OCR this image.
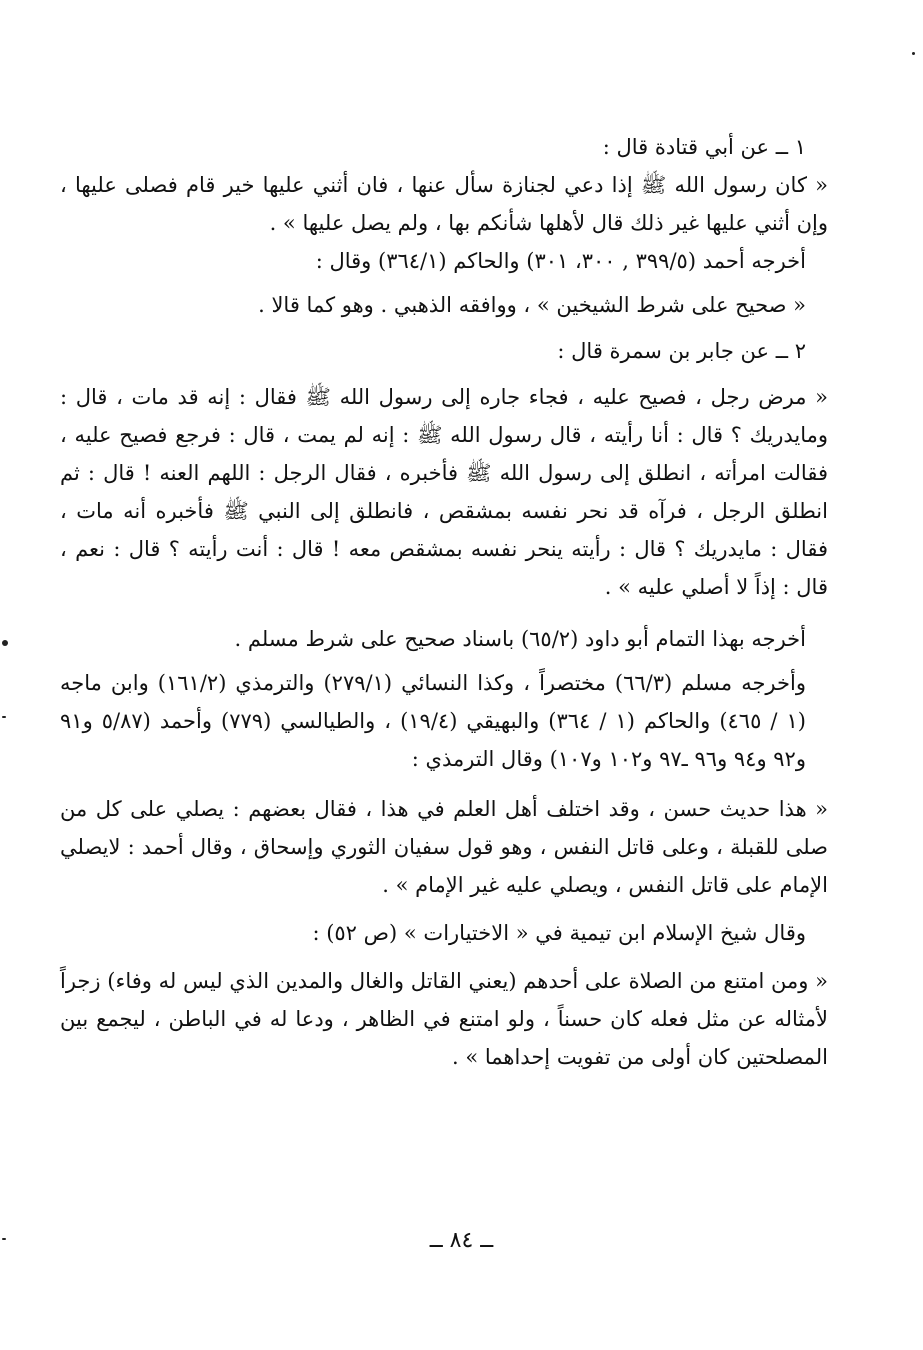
١ ــ عن أبي قتادة قال :

« كان رسول الله ﷺ إذا دعي لجنازة سأل عنها ، فان أثني عليها خير قام فصلى عليها ، وإن أثني عليها غير ذلك قال لأهلها شأنكم بها ، ولم يصل عليها » .

أخرجه أحمد (٣٩٩/٥ , ٣٠٠، ٣٠١) والحاكم (٣٦٤/١) وقال :

« صحيح على شرط الشيخين » ، ووافقه الذهبي . وهو كما قالا .

٢ ــ عن جابر بن سمرة قال :

« مرض رجل ، فصيح عليه ، فجاء جاره إلى رسول الله ﷺ فقال : إنه قد مات ، قال : ومايدريك ؟ قال : أنا رأيته ، قال رسول الله ﷺ : إنه لم يمت ، قال : فرجع فصيح عليه ، فقالت امرأته ، انطلق إلى رسول الله ﷺ فأخبره ، فقال الرجل : اللهم العنه ! قال : ثم انطلق الرجل ، فرآه قد نحر نفسه بمشقص ، فانطلق إلى النبي ﷺ فأخبره أنه مات ، فقال : مايدريك ؟ قال : رأيته ينحر نفسه بمشقص معه ! قال : أنت رأيته ؟ قال : نعم ، قال : إذاً لا أصلي عليه » .

أخرجه بهذا التمام أبو داود (٦٥/٢) باسناد صحيح على شرط مسلم .

وأخرجه مسلم (٦٦/٣) مختصراً ، وكذا النسائي (٢٧٩/١) والترمذي (١٦١/٢) وابن ماجه (١ / ٤٦٥) والحاكم (١ / ٣٦٤) والبهيقي (١٩/٤) ، والطيالسي (٧٧٩) وأحمد (٥/٨٧ و٩١ و٩٢ و٩٤ و٩٦ ـ٩٧ و١٠٢ و١٠٧) وقال الترمذي :

« هذا حديث حسن ، وقد اختلف أهل العلم في هذا ، فقال بعضهم : يصلي على كل من صلى للقبلة ، وعلى قاتل النفس ، وهو قول سفيان الثوري وإسحاق ، وقال أحمد : لايصلي الإمام على قاتل النفس ، ويصلي عليه غير الإمام » .

وقال شيخ الإسلام ابن تيمية في « الاختيارات » (ص ٥٢) :

« ومن امتنع من الصلاة على أحدهم (يعني القاتل والغال والمدين الذي ليس له وفاء) زجراً لأمثاله عن مثل فعله كان حسناً ، ولو امتنع في الظاهر ، ودعا له في الباطن ، ليجمع بين المصلحتين كان أولى من تفويت إحداهما » .

ــ ٨٤ ــ
